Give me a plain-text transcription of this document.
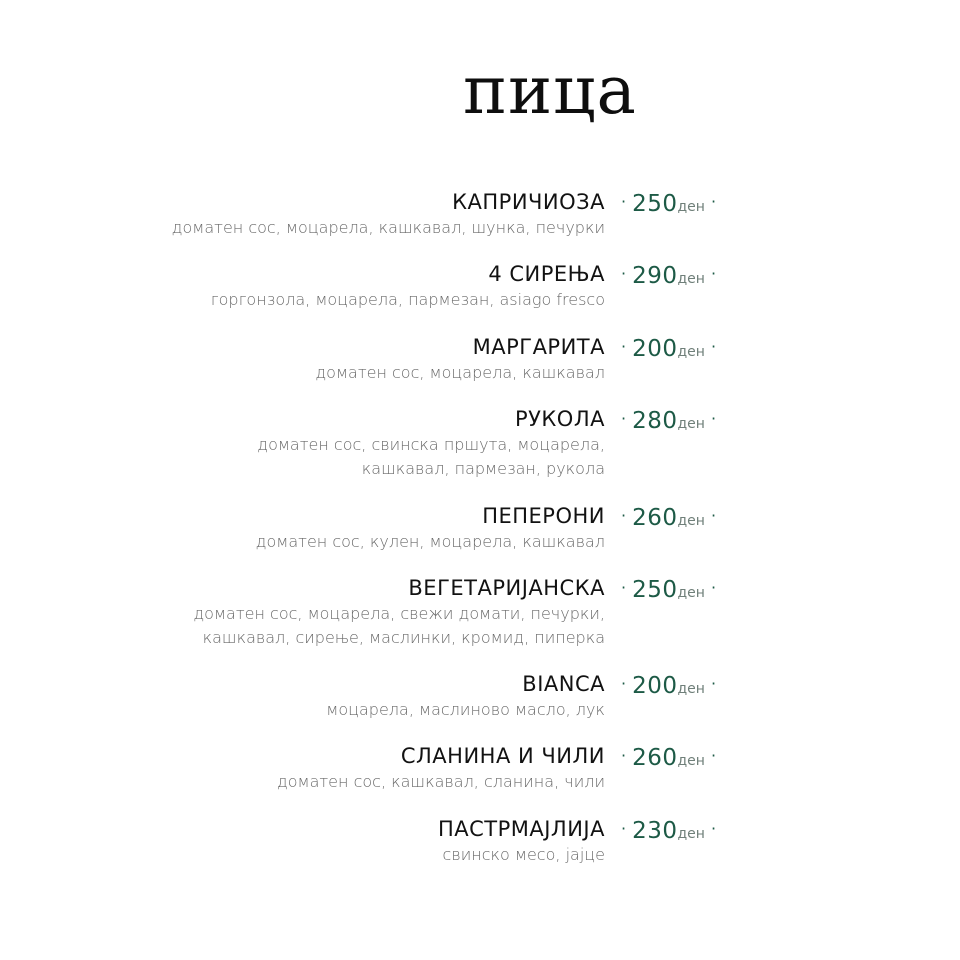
пица
КАПРИЧИОЗА
доматен сос, моцарела, кашкавал, шунка, печурки
· 250 ден ·
4 СИРЕЊА
горгонзола, моцарела, пармезан, asiago fresco
· 290 ден ·
МАРГАРИТА
доматен сос, моцарела, кашкавал
· 200 ден ·
РУКОЛА
доматен сос, свинска пршута, моцарела,
кашкавал, пармезан, рукола
· 280 ден ·
ПЕПЕРОНИ
доматен сос, кулен, моцарела, кашкавал
· 260 ден ·
ВЕГЕТАРИЈАНСКА
доматен сос, моцарела, свежи домати, печурки,
кашкавал, сирење, маслинки, кромид, пиперка
· 250 ден ·
BIANCA
моцарела, маслиново масло, лук
· 200 ден ·
СЛАНИНА И ЧИЛИ
доматен сос, кашкавал, сланина, чили
· 260 ден ·
ПАСТРМАЈЛИЈА
свинско месо, јајце
· 230 ден ·
